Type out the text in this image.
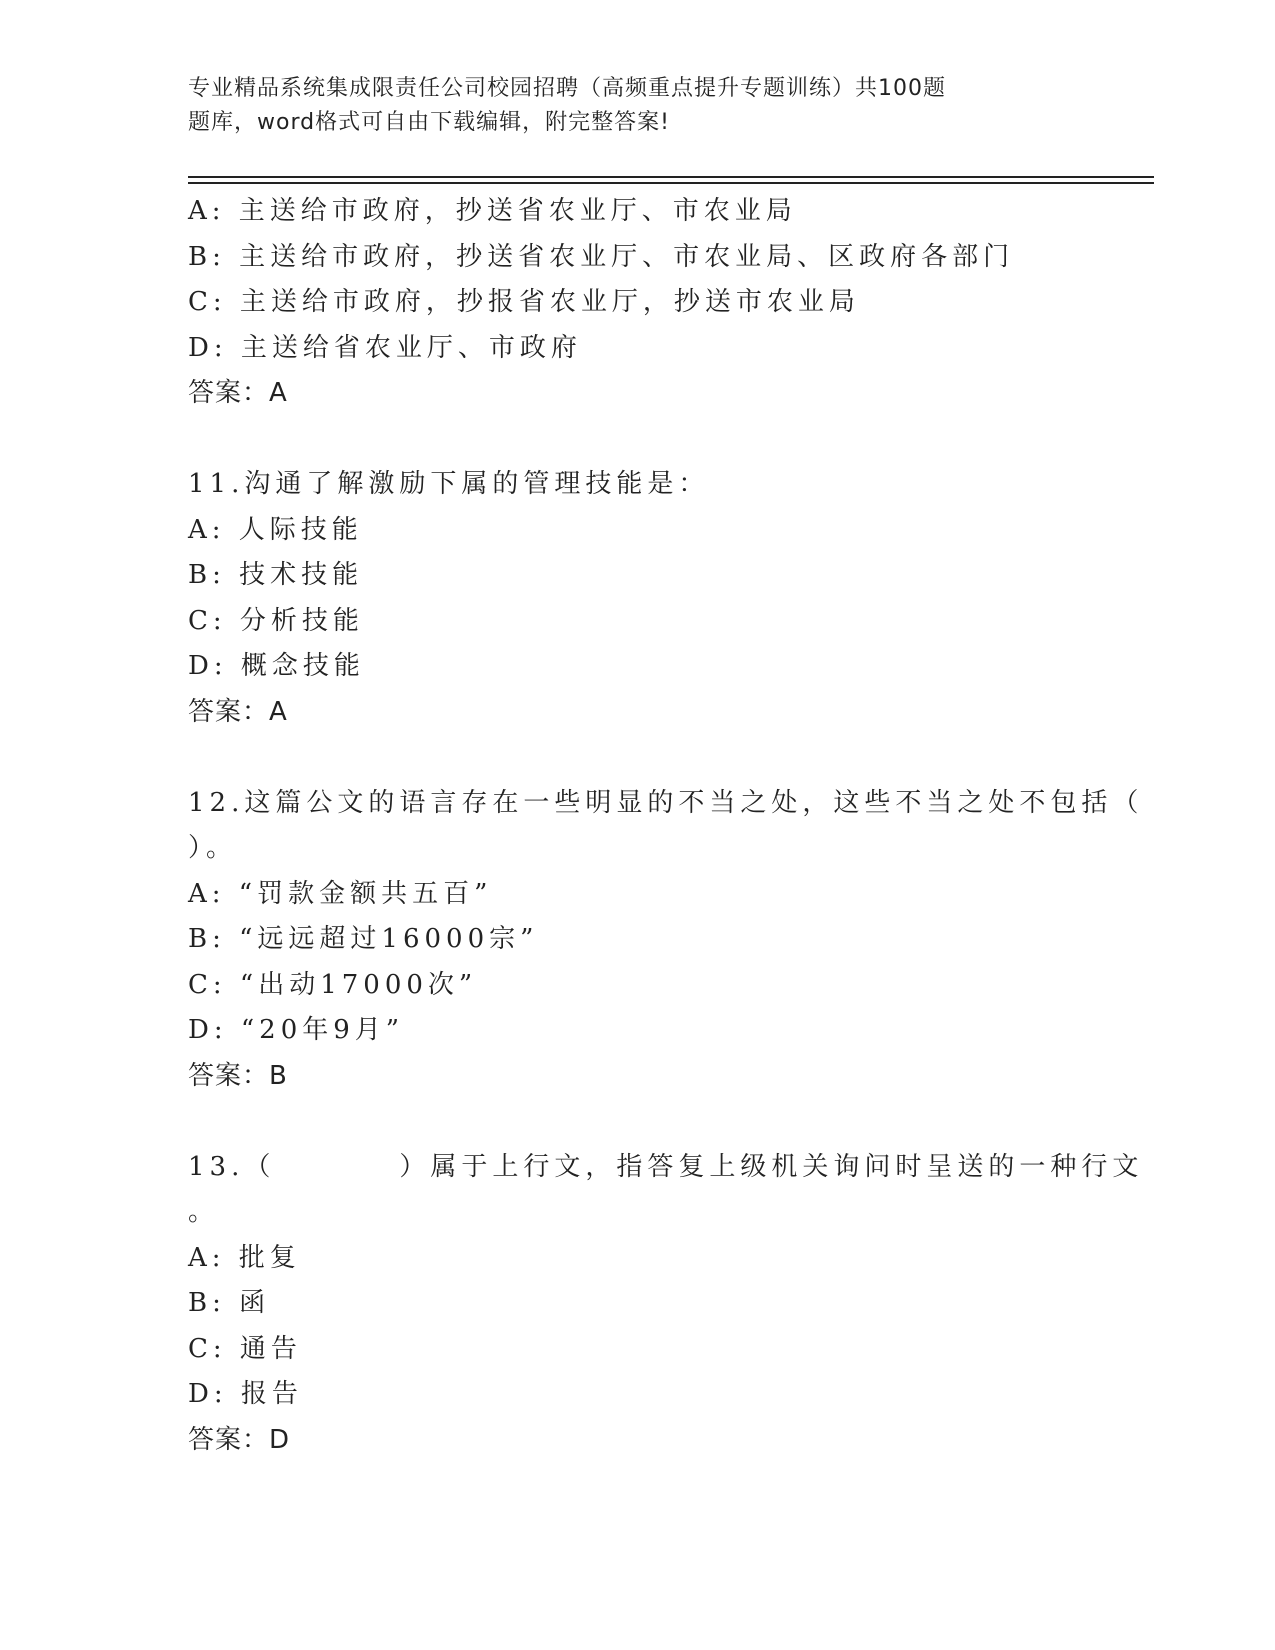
专业精品系统集成限责任公司校园招聘（高频重点提升专题训练）共100题
题库，word格式可自由下载编辑，附完整答案!
A: 主送给市政府，抄送省农业厅、市农业局
B: 主送给市政府，抄送省农业厅、市农业局、区政府各部门
C: 主送给市政府，抄报省农业厅，抄送市农业局
D: 主送给省农业厅、市政府
答案：A
11.沟通了解激励下属的管理技能是：
A: 人际技能
B: 技术技能
C: 分析技能
D: 概念技能
答案：A
12.这篇公文的语言存在一些明显的不当之处，这些不当之处不包括（
）。
A: “罚款金额共五百”
B: “远远超过16000宗”
C: “出动17000次”
D: “20年9月”
答案：B
13.（　　　　）属于上行文，指答复上级机关询问时呈送的一种行文
。
A: 批复
B: 函
C: 通告
D: 报告
答案：D
